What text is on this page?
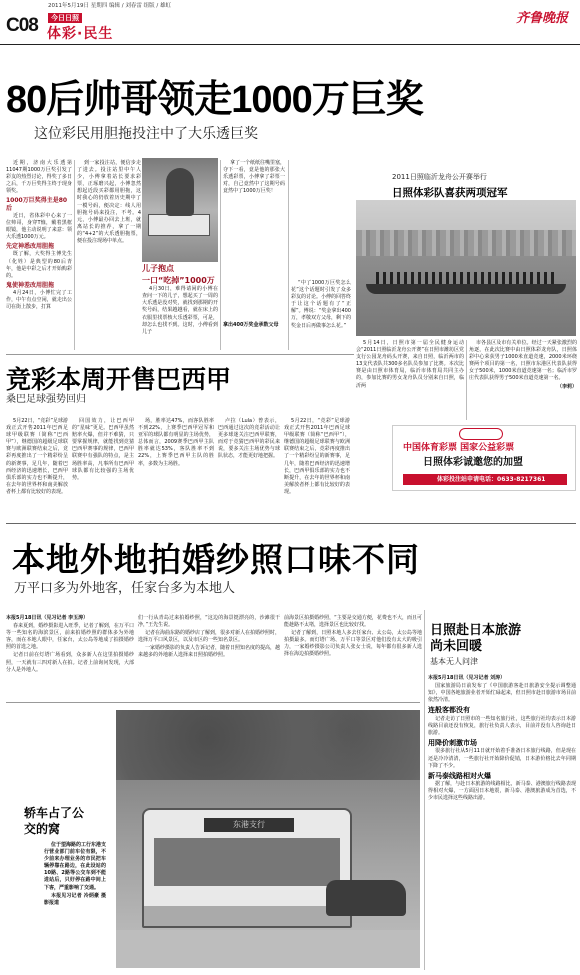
C08
2011年5月19日 星期四 编辑 / 刘春雷 组版 / 雄虹
今日日照
体彩·民生
齐鲁晚报
80后帅哥领走1000万巨奖
这位彩民用胆拖投注中了大乐透巨奖

近期，济南大乐透第11047期1000万巨奖引发了彩友的热烈讨论，得奖了多日之后，千万巨奖得主终于现身领奖。

1000万巨奖得主是80后

近日，省体彩中心来了一位帅哥，身穿T恤，戴着黑框眼镜，他主动说明了来意：领大乐透1000万元。

先定神悉改用胆拖

既了解，大奖得主傅先生（化姓）是典型的80后青年，他是中彩之后才开始购彩的。

鬼使神差改用胆拖

4月24日，小博忙完了工作，中午有点空闲，就走出公司在街上散步，打算

到一家投注站，便信步走了进去。投注站里中午人少，小傅拿着站长要求彩票，正琢磨兴起，小傅忽然想起近段买彩都用胆拖，这时我心的仍放着历史期中了一模号码，便决定：线人用胆拖号码来投注，不考。4元，小傅最办回去上班，就离站长的推荐，拿了一期的“4+2”的大乐透胆拖票，便在投注现场中单点。

儿子抱点
一口“吃掉”1000万

4月30日，难得请闲的小傅在查问一下的儿子，想起买了一周的大乐透是没对奖，就找到那期的开奖号码，结果越越看，就在床上的衣服里找票核大乐透彩票，可是，却怎么也找不到。这时，小傅看到儿子

拿了一个纸纸往嘴里塞，夺下一看，竟是他的那张大乐透彩票，小傅拿了彩票一对，自己竟然中了这期号码竟然中了1000万巨奖！

拿出400万奖金承数父母

“中了1000万巨奖怎么花”这个话题时引发了众多彩友的讨论。小傅的回答终于让这个话题有了“正解”。傅说：“奖金拿出400万，孝敬双方父母，剩下的奖金日后再做事怎么花。”

2011日照临沂龙舟公开赛举行
日照体彩队喜获两项冠军

5月14日，日照市第一届全民健身运动会“2011日照临沂龙舟公开赛”在日照市潍坊区党支行公园龙舟码头开赛，来自日照，临沂两市的13支代表队共300多名队员参加了比赛。本次比赛是由日照市体育局，临沂市体育局共同主办的，参加比赛的男女龙舟队员分别来自日照，临沂两

市各县区及市有关单位。经过一天紧张激烈的角逐，在此次比赛中由日照体彩龙舟队，日照体彩中心荣获男子1000米直道竞速，2000米环绕赛两个项目的第一名，日照市东港区代表队获得女子500米，1000米直道竞速第一名；临沂市罗庄代表队获得男子500米直道竞速第一名。

（李莉）

中国体育彩票 国家公益彩票
日照体彩诚邀您的加盟
体彩投注站申请电话：0633-8217361
竞彩本周开售巴西甲
桑巴足球强势回归

5月22日，“竞彩”足球游戏正式开售2011年巴西足球甲级联赛（简称“巴西甲”），继德国的超级足球联赛与欧洲联赛结束之后，竞彩再度推出了一个精彩纷呈的新赛事，足几年，随着巴西经济的迅速增长，巴西甲俱乐部的实力也不断提升，在去年的世界杯和南美解放者杯上都有比较好的表现。

回国效力，让巴西甲的“星味”更足。巴西甲虽然赔率火爆，但并不难猜，只要掌握规律，就能找到竞猜巴西甲赛事的规律，巴西甲联赛中有强队的特点，是主场胜率高，凡事所有巴西甲球队都有比较强的主场优势。

场，胜率达47%，而客队胜率不到22%，上赛季巴西甲冠军和亚军的球队都有明显的主场优势，总体而言，2009赛季巴西甲主队胜率就达53%，客队胜率不到22%，上赛季巴西甲主队的胜率，多数为主场胜。

卢拉（Lula）曾表示，巴西通过这次的竞彩活动让更多球迷关注巴西甲联赛，而对于竞猜巴西甲的彩民来说，要多关注主场优势与球队状态，才能更好地把握。

5月22日，“竞彩”足球游戏正式开售2011年巴西足球甲级联赛（简称“巴西甲”），继德国的超级足球联赛与欧洲联赛结束之后，竞彩再度推出了一个精彩纷呈的新赛事，足几年，随着巴西经济的迅速增长，巴西甲俱乐部的实力也不断提升，在去年的世界杯和南美解放者杯上都有比较好的表现。

本地外地拍婚纱照口味不同
万平口多为外地客，任家台多为本地人

本报5月18日讯（见习记者 李玉涛）

春来夏到，婚纱摄影进入旺季，记者了解到，在万平口等一些知名的海滨景区，前来拍婚纱照的群体多为外地客，而在本地人眼中，任家台，太公岛等地成了拍摄婚纱照的首选之地。

记者日前在灯塔广场看到，众多新人在这里拍摄婚纱照，一天就有三四对新人在拍。记者上前询问发现，大部分人是外地人。

们一行从青岛过来拍婚纱照，“这边的海景挺漂亮的，沙滩很干净，”王先生说。

记者在海曲东路的婚纱店了解到，很多对新人在拍婚纱照时，选择万平口风景区，以及市区的一些知名景区。

一家婚纱摄影的负责人告诉记者，随着日照知名度的提高，越来越多的外地新人选择来日照拍婚纱照。

前海景区拍摄婚纱照，“主要是交通方便，花费也不大，而且可能趁路不太堵，选择景区也比较好找。

记者了解到，日照本地人多去任家台、太公岛，太公岛等地拍摄最多。而灯塔广场、万平口等景区对他们没有太大的吸引力，一家婚纱摄影公司负责人张女士说，每年都有很多新人选择在海边拍摄婚纱照。

轿车占了公交的窝

位于望海路的工行东港支行营业部门前车位有限，不少前来办理业务的市民把车辆停靠在路边，在此设站的10路、2路等公交车到不能进站后，只好停在路中间上下客，严重影响了交通。

本报见习记者 冷炳豪 摄影报道

东港支行
日照赴日本旅游
尚未回暖
基本无人问津

本报5月18日讯（见习记者 刘涛）

国家旅游局日前发布了《中国旅游客赴日旅游安全提示调整通知》，中国各地旅游业者开始忙碌起来，但日照市赴日旅游市场目前依然冷清。

连般客都没有

记者走访了日照市的一些知名旅行社，这些旅行社均表示日本游线路目前还没有恢复，旅行社负责人表示，目前并没有人咨询赴日旅游。

用降价刺激市场

很多旅行社从5月11日就开始着手准备日本旅行线路，但是现在还是冷冷清清，一些旅行社开始降价促销，日本游价格比去年同期下降了不少。

新马泰线路相对火爆

据了解，与赴日本旅游的线路相比，新马泰、港澳旅行线路表现得相对火爆，一方面因日本地震，新马泰、港澳旅游成为首选，不少市民选择这些线路出游。
